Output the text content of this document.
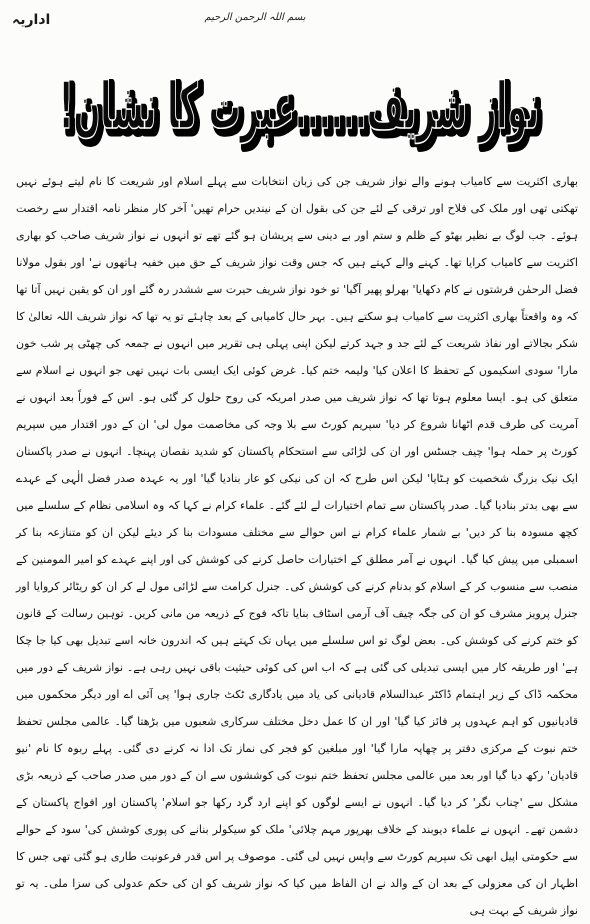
اداریہ	بسم اللہ الرحمن الرحیم
نواز شریف......عبرت کا نشان!
نواز شریف......عبرت کا نشان!
بھاری اکثریت سے کامیاب ہونے والے نواز شریف جن کی زبان انتخابات سے پہلے اسلام اور شریعت کا نام لیتے ہوئے نہیں تھکتی تھی اور ملک کی فلاح اور ترقی کے لئے جن کی بقول ان کے نیندیں حرام تھیں' آخر کار منظر نامہ اقتدار سے رخصت ہوئے۔ جب لوگ بے نظیر بھٹو کے ظلم و ستم اور بے دینی سے پریشان ہو گئے تھے تو انہوں نے نواز شریف صاحب کو بھاری اکثریت سے کامیاب کرایا تھا۔ کہنے والے کہتے ہیں کہ جس وقت نواز شریف کے حق میں خفیہ ہاتھوں نے' اور بقول مولانا فضل الرحمٰن فرشتوں نے کام دکھایا' بھرلو پھیر آگیا' تو خود نواز شریف حیرت سے ششدر رہ گئے اور ان کو یقین نہیں آتا تھا کہ وہ واقعتاً بھاری اکثریت سے کامیاب ہو سکتے ہیں۔ بہر حال کامیابی کے بعد چاہئے تو یہ تھا کہ نواز شریف اللہ تعالیٰ کا شکر بجالاتے اور نفاذ شریعت کے لئے جد و جہد کرتے لیکن اپنی پہلی ہی تقریر میں انہوں نے جمعہ کی چھٹی پر شب خون مارا' سودی اسکیموں کے تحفظ کا اعلان کیا' ولیمہ ختم کیا۔ غرض کوئی ایک ایسی بات نہیں تھی جو انہوں نے اسلام سے متعلق کی ہو۔ ایسا معلوم ہوتا تھا کہ نواز شریف میں صدر امریکہ کی روح حلول کر گئی ہو۔ اس کے فوراً بعد انہوں نے آمریت کی طرف قدم اٹھانا شروع کر دیا' سپریم کورٹ سے بلا وجہ کی مخاصمت مول لی' ان کے دور اقتدار میں سپریم کورٹ پر حملہ ہوا' چیف جسٹس اور ان کی لڑائی سے استحکام پاکستان کو شدید نقصان پہنچا۔ انہوں نے صدر پاکستان ایک نیک بزرگ شخصیت کو ہٹایا' لیکن اس طرح کہ ان کی نیکی کو عار بنادیا گیا' اور یہ عہدہ صدر فضل الٰہی کے عہدے سے بھی بدتر بنادیا گیا۔ صدر پاکستان سے تمام اختیارات لے لئے گئے۔ علماء کرام نے کہا کہ وہ اسلامی نظام کے سلسلے میں کچھ مسودہ بنا کر دیں' بے شمار علماء کرام نے اس حوالے سے مختلف مسودات بنا کر دیئے لیکن ان کو متنازعہ بنا کر اسمبلی میں پیش کیا گیا۔ انہوں نے آمر مطلق کے اختیارات حاصل کرنے کی کوشش کی اور اپنے عہدے کو امیر المومنین کے منصب سے منسوب کر کے اسلام کو بدنام کرنے کی کوشش کی۔ جنرل کرامت سے لڑائی مول لے کر ان کو ریٹائر کروایا اور جنرل پرویز مشرف کو ان کی جگہ چیف آف آرمی اسٹاف بنایا تاکہ فوج کے ذریعہ من مانی کریں۔ توہین رسالت کے قانون کو ختم کرنے کی کوشش کی۔ بعض لوگ تو اس سلسلے میں یہاں تک کہتے ہیں کہ اندرون خانہ اسے تبدیل بھی کیا جا چکا ہے' اور طریقہ کار میں ایسی تبدیلی کی گئی ہے کہ اب اس کی کوئی حیثیت باقی نہیں رہی ہے۔ نواز شریف کے دور میں محکمہ ڈاک کے زیر اہتمام ڈاکٹر عبدالسلام قادیانی کی یاد میں یادگاری ٹکٹ جاری ہوا' پی آئی اے اور دیگر محکموں میں قادیانیوں کو اہم عہدوں پر فائز کیا گیا' اور ان کا عمل دخل مختلف سرکاری شعبوں میں بڑھتا گیا۔ عالمی مجلس تحفظ ختم نبوت کے مرکزی دفتر پر چھاپہ مارا گیا' اور مبلغین کو فجر کی نماز تک ادا نہ کرنے دی گئی۔ پہلے ربوہ کا نام 'نیو قادیان' رکھ دیا گیا اور بعد میں عالمی مجلس تحفظ ختم نبوت کی کوششوں سے ان کے دور میں صدر صاحب کے ذریعہ بڑی مشکل سے 'چناب نگر' کر دیا گیا۔ انہوں نے ایسے لوگوں کو اپنے ارد گرد رکھا جو اسلام' پاکستان اور افواج پاکستان کے دشمن تھے۔ انہوں نے علماء دیوبند کے خلاف بھرپور مہم چلائی' ملک کو سیکولر بنانے کی پوری کوشش کی' سود کے حوالے سے حکومتی اپیل ابھی تک سپریم کورٹ سے واپس نہیں لی گئی۔ موصوف پر اس قدر فرعونیت طاری ہو گئی تھی جس کا اظہار ان کی معزولی کے بعد ان کے والد نے ان الفاظ میں کیا کہ نواز شریف کو ان کی حکم عدولی کی سزا ملی۔ یہ تو نواز شریف کے بہت ہی
